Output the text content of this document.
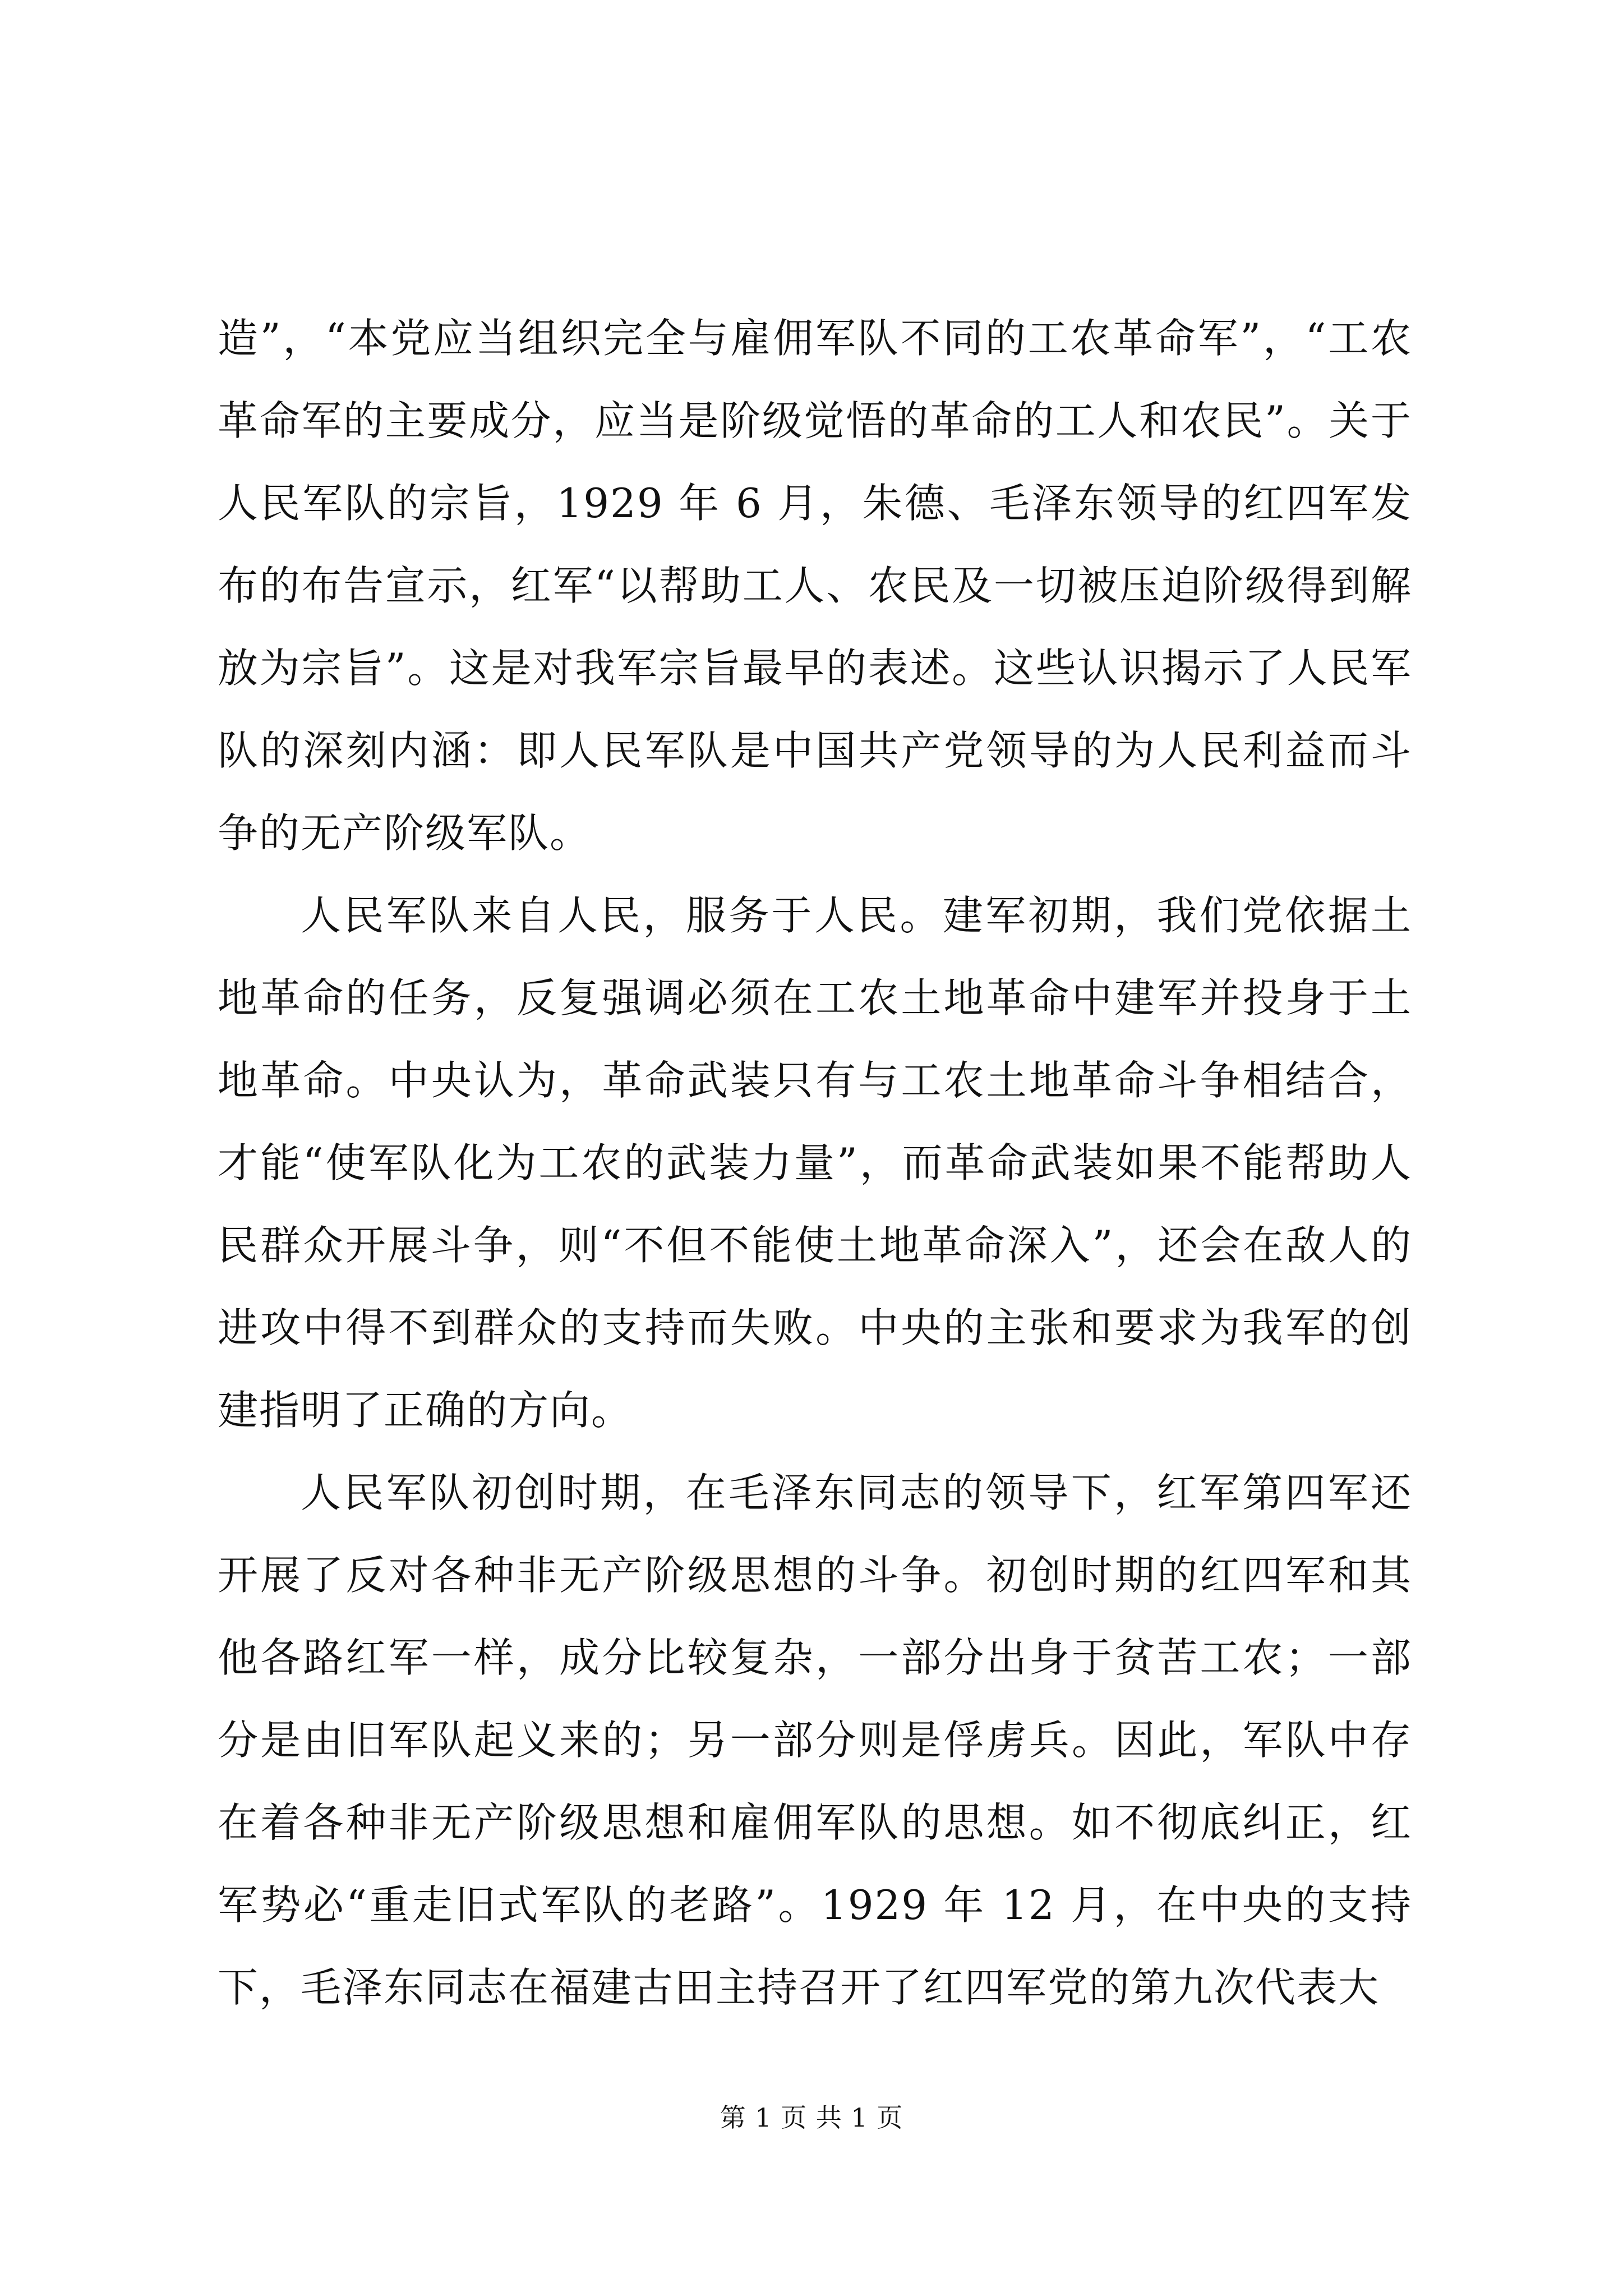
造”，“本党应当组织完全与雇佣军队不同的工农革命军”，“工农革命军的主要成分，应当是阶级觉悟的革命的工人和农民”。关于人民军队的宗旨，1929 年 6 月，朱德、毛泽东领导的红四军发布的布告宣示，红军“以帮助工人、农民及一切被压迫阶级得到解放为宗旨”。这是对我军宗旨最早的表述。这些认识揭示了人民军队的深刻内涵：即人民军队是中国共产党领导的为人民利益而斗争的无产阶级军队。

人民军队来自人民，服务于人民。建军初期，我们党依据土地革命的任务，反复强调必须在工农土地革命中建军并投身于土地革命。中央认为，革命武装只有与工农土地革命斗争相结合，才能“使军队化为工农的武装力量”，而革命武装如果不能帮助人民群众开展斗争，则“不但不能使土地革命深入”，还会在敌人的进攻中得不到群众的支持而失败。中央的主张和要求为我军的创建指明了正确的方向。

人民军队初创时期，在毛泽东同志的领导下，红军第四军还开展了反对各种非无产阶级思想的斗争。初创时期的红四军和其他各路红军一样，成分比较复杂，一部分出身于贫苦工农；一部分是由旧军队起义来的；另一部分则是俘虏兵。因此，军队中存在着各种非无产阶级思想和雇佣军队的思想。如不彻底纠正，红军势必“重走旧式军队的老路”。1929 年 12 月，在中央的支持下，毛泽东同志在福建古田主持召开了红四军党的第九次代表大

第 1 页 共 1 页
